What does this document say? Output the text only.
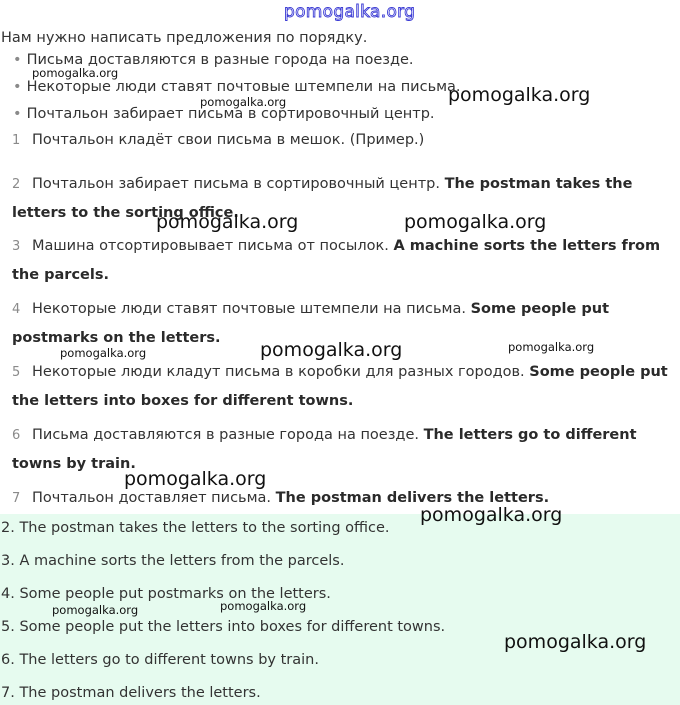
pomogalka.org
Нам нужно написать предложения по порядку.
• Письма доставляются в разные города на поезде.
• Некоторые люди ставят почтовые штемпели на письма.
• Почтальон забирает письма в сортировочный центр.
1 Почтальон кладёт свои письма в мешок. (Пример.)
2 Почтальон забирает письма в сортировочный центр. The postman takes the letters to the sorting office.
3 Машина отсортировывает письма от посылок. A machine sorts the letters from the parcels.
4 Некоторые люди ставят почтовые штемпели на письма. Some people put postmarks on the letters.
5 Некоторые люди кладут письма в коробки для разных городов. Some people put the letters into boxes for different towns.
6 Письма доставляются в разные города на поезде. The letters go to different towns by train.
7 Почтальон доставляет письма. The postman delivers the letters.
2. The postman takes the letters to the sorting office.
3. A machine sorts the letters from the parcels.
4. Some people put postmarks on the letters.
5. Some people put the letters into boxes for different towns.
6. The letters go to different towns by train.
7. The postman delivers the letters.
pomogalka.org
pomogalka.org	pomogalka.org
pomogalka.org	pomogalka.org
pomogalka.org	pomogalka.org	pomogalka.org
pomogalka.org
pomogalka.org
pomogalka.org	pomogalka.org
pomogalka.org
